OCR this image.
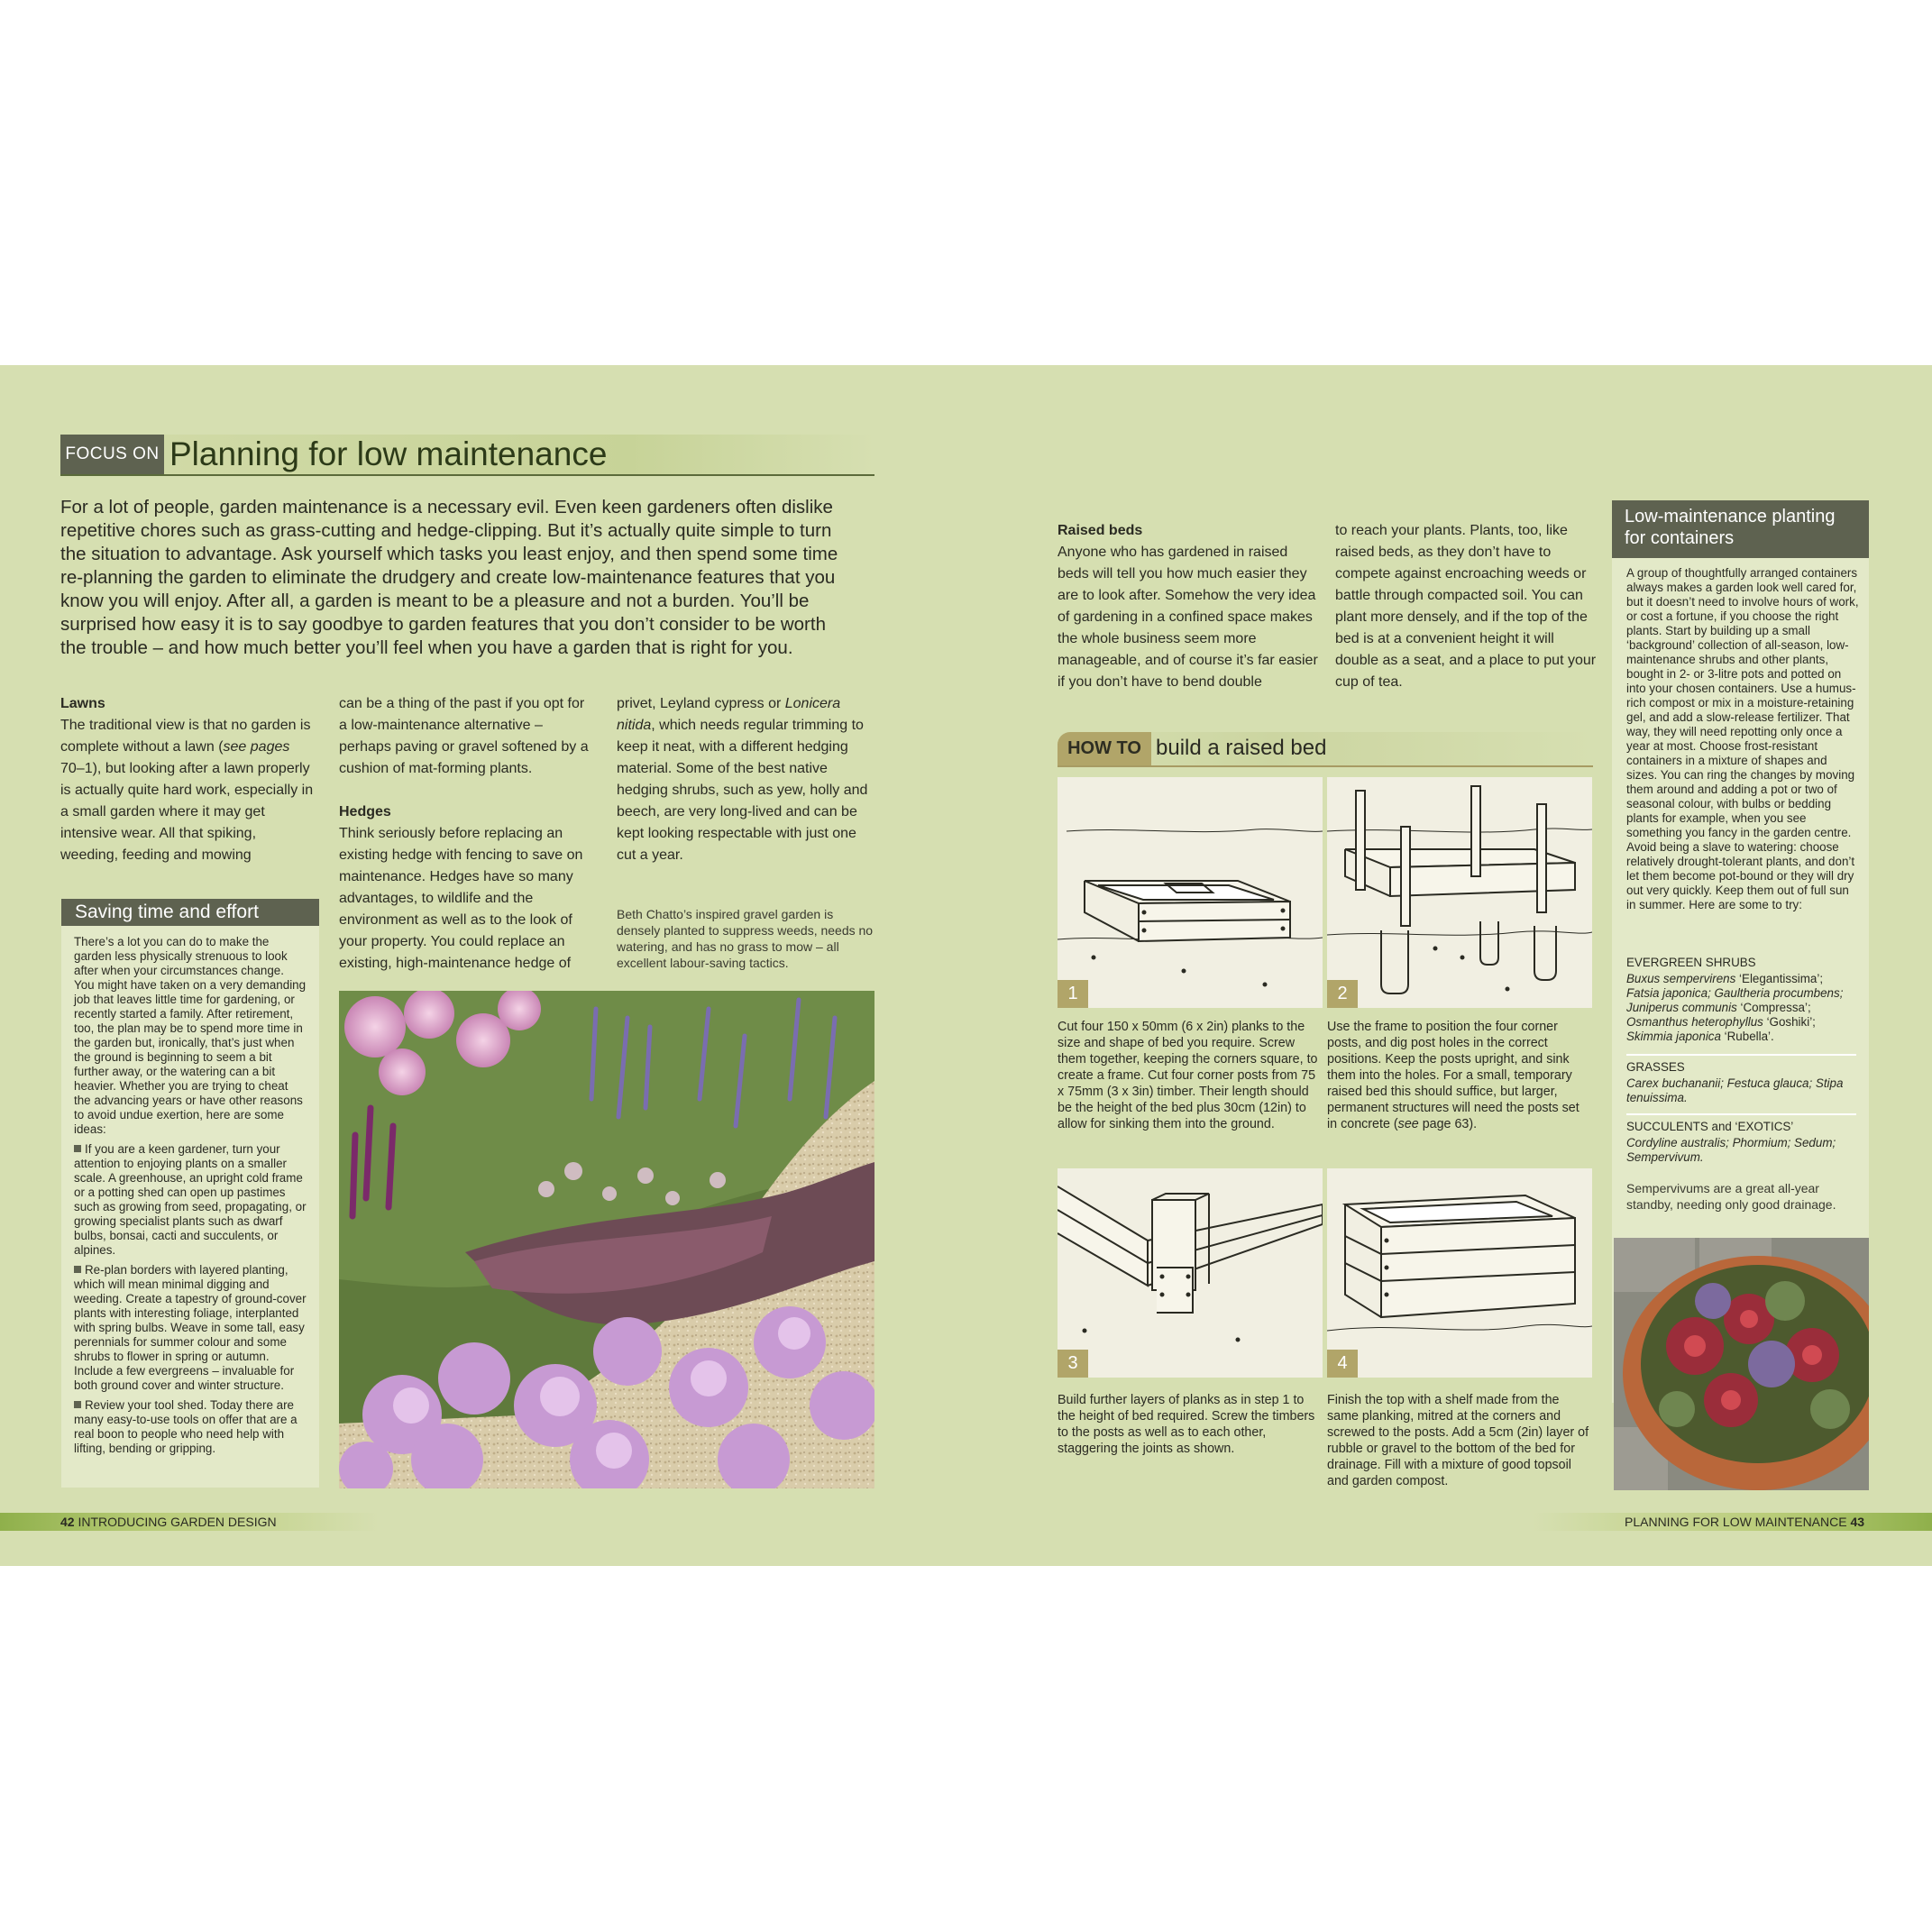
FOCUS ON Planning for low maintenance
For a lot of people, garden maintenance is a necessary evil. Even keen gardeners often dislike repetitive chores such as grass-cutting and hedge-clipping. But it’s actually quite simple to turn the situation to advantage. Ask yourself which tasks you least enjoy, and then spend some time re-planning the garden to eliminate the drudgery and create low-maintenance features that you know you will enjoy. After all, a garden is meant to be a pleasure and not a burden. You’ll be surprised how easy it is to say goodbye to garden features that you don’t consider to be worth the trouble – and how much better you’ll feel when you have a garden that is right for you.
Lawns

The traditional view is that no garden is complete without a lawn (see pages 70–1), but looking after a lawn properly is actually quite hard work, especially in a small garden where it may get intensive wear. All that spiking, weeding, feeding and mowing

can be a thing of the past if you opt for a low-maintenance alternative – perhaps paving or gravel softened by a cushion of mat-forming plants.

Hedges

Think seriously before replacing an existing hedge with fencing to save on maintenance. Hedges have so many advantages, to wildlife and the environment as well as to the look of your property. You could replace an existing, high-maintenance hedge of

privet, Leyland cypress or Lonicera nitida, which needs regular trimming to keep it neat, with a different hedging material. Some of the best native hedging shrubs, such as yew, holly and beech, are very long-lived and can be kept looking respectable with just one cut a year.

Beth Chatto’s inspired gravel garden is densely planted to suppress weeds, needs no watering, and has no grass to mow – all excellent labour-saving tactics.
Saving time and effort

There’s a lot you can do to make the garden less physically strenuous to look after when your circumstances change. You might have taken on a very demanding job that leaves little time for gardening, or recently started a family. After retirement, too, the plan may be to spend more time in the garden but, ironically, that’s just when the ground is beginning to seem a bit further away, or the watering can a bit heavier. Whether you are trying to cheat the advancing years or have other reasons to avoid undue exertion, here are some ideas:

If you are a keen gardener, turn your attention to enjoying plants on a smaller scale. A greenhouse, an upright cold frame or a potting shed can open up pastimes such as growing from seed, propagating, or growing specialist plants such as dwarf bulbs, bonsai, cacti and succulents, or alpines.

Re-plan borders with layered planting, which will mean minimal digging and weeding. Create a tapestry of ground-cover plants with interesting foliage, interplanted with spring bulbs. Weave in some tall, easy perennials for summer colour and some shrubs to flower in spring or autumn. Include a few evergreens – invaluable for both ground cover and winter structure.

Review your tool shed. Today there are many easy-to-use tools on offer that are a real boon to people who need help with lifting, bending or gripping.

Raised beds

Anyone who has gardened in raised beds will tell you how much easier they are to look after. Somehow the very idea of gardening in a confined space makes the whole business seem more manageable, and of course it’s far easier if you don’t have to bend double

to reach your plants. Plants, too, like raised beds, as they don’t have to compete against encroaching weeds or battle through compacted soil. You can plant more densely, and if the top of the bed is at a convenient height it will double as a seat, and a place to put your cup of tea.

HOW TO build a raised bed
1	2
Cut four 150 x 50mm (6 x 2in) planks to the size and shape of bed you require. Screw them together, keeping the corners square, to create a frame. Cut four corner posts from 75 x 75mm (3 x 3in) timber. Their length should be the height of the bed plus 30cm (12in) to allow for sinking them into the ground.
Use the frame to position the four corner posts, and dig post holes in the correct positions. Keep the posts upright, and sink them into the holes. For a small, temporary raised bed this should suffice, but larger, permanent structures will need the posts set in concrete (see page 63).
3	4
Build further layers of planks as in step 1 to the height of bed required. Screw the timbers to the posts as well as to each other, staggering the joints as shown.
Finish the top with a shelf made from the same planking, mitred at the corners and screwed to the posts. Add a 5cm (2in) layer of rubble or gravel to the bottom of the bed for drainage. Fill with a mixture of good topsoil and garden compost.
Low-maintenance planting for containers
A group of thoughtfully arranged containers always makes a garden look well cared for, but it doesn’t need to involve hours of work, or cost a fortune, if you choose the right plants. Start by building up a small ‘background’ collection of all-season, low-maintenance shrubs and other plants, bought in 2- or 3-litre pots and potted on into your chosen containers. Use a humus-rich compost or mix in a moisture-retaining gel, and add a slow-release fertilizer. That way, they will need repotting only once a year at most. Choose frost-resistant containers in a mixture of shapes and sizes. You can ring the changes by moving them around and adding a pot or two of seasonal colour, with bulbs or bedding plants for example, when you see something you fancy in the garden centre. Avoid being a slave to watering: choose relatively drought-tolerant plants, and don’t let them become pot-bound or they will dry out very quickly. Keep them out of full sun in summer. Here are some to try:
EVERGREEN SHRUBS
Buxus sempervirens ‘Elegantissima’;
Fatsia japonica; Gaultheria procumbens;
Juniperus communis ‘Compressa’;
Osmanthus heterophyllus ‘Goshiki’;
Skimmia japonica ‘Rubella’.
GRASSES
Carex buchananii; Festuca glauca; Stipa tenuissima.
SUCCULENTS and ‘EXOTICS’
Cordyline australis; Phormium; Sedum; Sempervivum.
Sempervivums are a great all-year standby, needing only good drainage.
42 INTRODUCING GARDEN DESIGN	PLANNING FOR LOW MAINTENANCE 43
